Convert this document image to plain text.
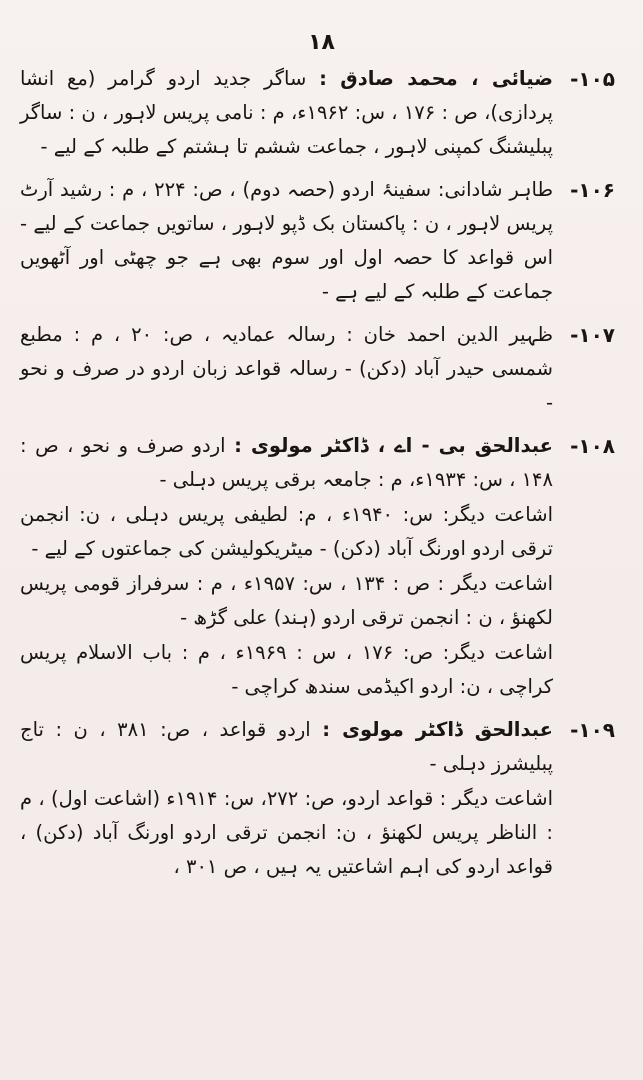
۱۸
۱۰۵-

ضیائی ، محمد صادق : ساگر جدید اردو گرامر (مع انشا پردازی)، ص : ۱۷۶ ، س: ۱۹۶۲ء، م : نامی پریس لاہور ، ن : ساگر پبلیشنگ کمپنی لاہور ، جماعت ششم تا ہشتم کے طلبہ کے لیے -

۱۰۶-

طاہر شادانی: سفینۂ اردو (حصہ دوم) ، ص: ۲۲۴ ، م : رشید آرٹ پریس لاہور ، ن : پاکستان بک ڈپو لاہور ، ساتویں جماعت کے لیے - اس قواعد کا حصہ اول اور سوم بھی ہے جو چھٹی اور آٹھویں جماعت کے طلبہ کے لیے ہے -

۱۰۷-

ظہیر الدین احمد خان : رسالہ عمادیہ ، ص: ۲۰ ، م : مطبع شمسی حیدر آباد (دکن) - رسالہ قواعد زبان اردو در صرف و نحو -

۱۰۸-

عبدالحق بی - اے ، ڈاکٹر مولوی : اردو صرف و نحو ، ص : ۱۴۸ ، س: ۱۹۳۴ء، م : جامعہ برقی پریس دہلی -

اشاعت دیگر: س: ۱۹۴۰ء ، م: لطیفی پریس دہلی ، ن: انجمن ترقی اردو اورنگ آباد (دکن) - میٹریکولیشن کی جماعتوں کے لیے -

اشاعت دیگر : ص : ۱۳۴ ، س: ۱۹۵۷ء ، م : سرفراز قومی پریس لکھنؤ ، ن : انجمن ترقی اردو (ہند) علی گڑھ -

اشاعت دیگر: ص: ۱۷۶ ، س : ۱۹۶۹ء ، م : باب الاسلام پریس کراچی ، ن: اردو اکیڈمی سندھ کراچی -

۱۰۹-

عبدالحق ڈاکٹر مولوی : اردو قواعد ، ص: ۳۸۱ ، ن : تاج پبلیشرز دہلی -

اشاعت دیگر : قواعد اردو، ص: ۲۷۲، س: ۱۹۱۴ء (اشاعت اول) ، م : الناظر پریس لکھنؤ ، ن: انجمن ترقی اردو اورنگ آباد (دکن) ، قواعد اردو کی اہم اشاعتیں یہ ہیں ، ص ۳۰۱ ،
